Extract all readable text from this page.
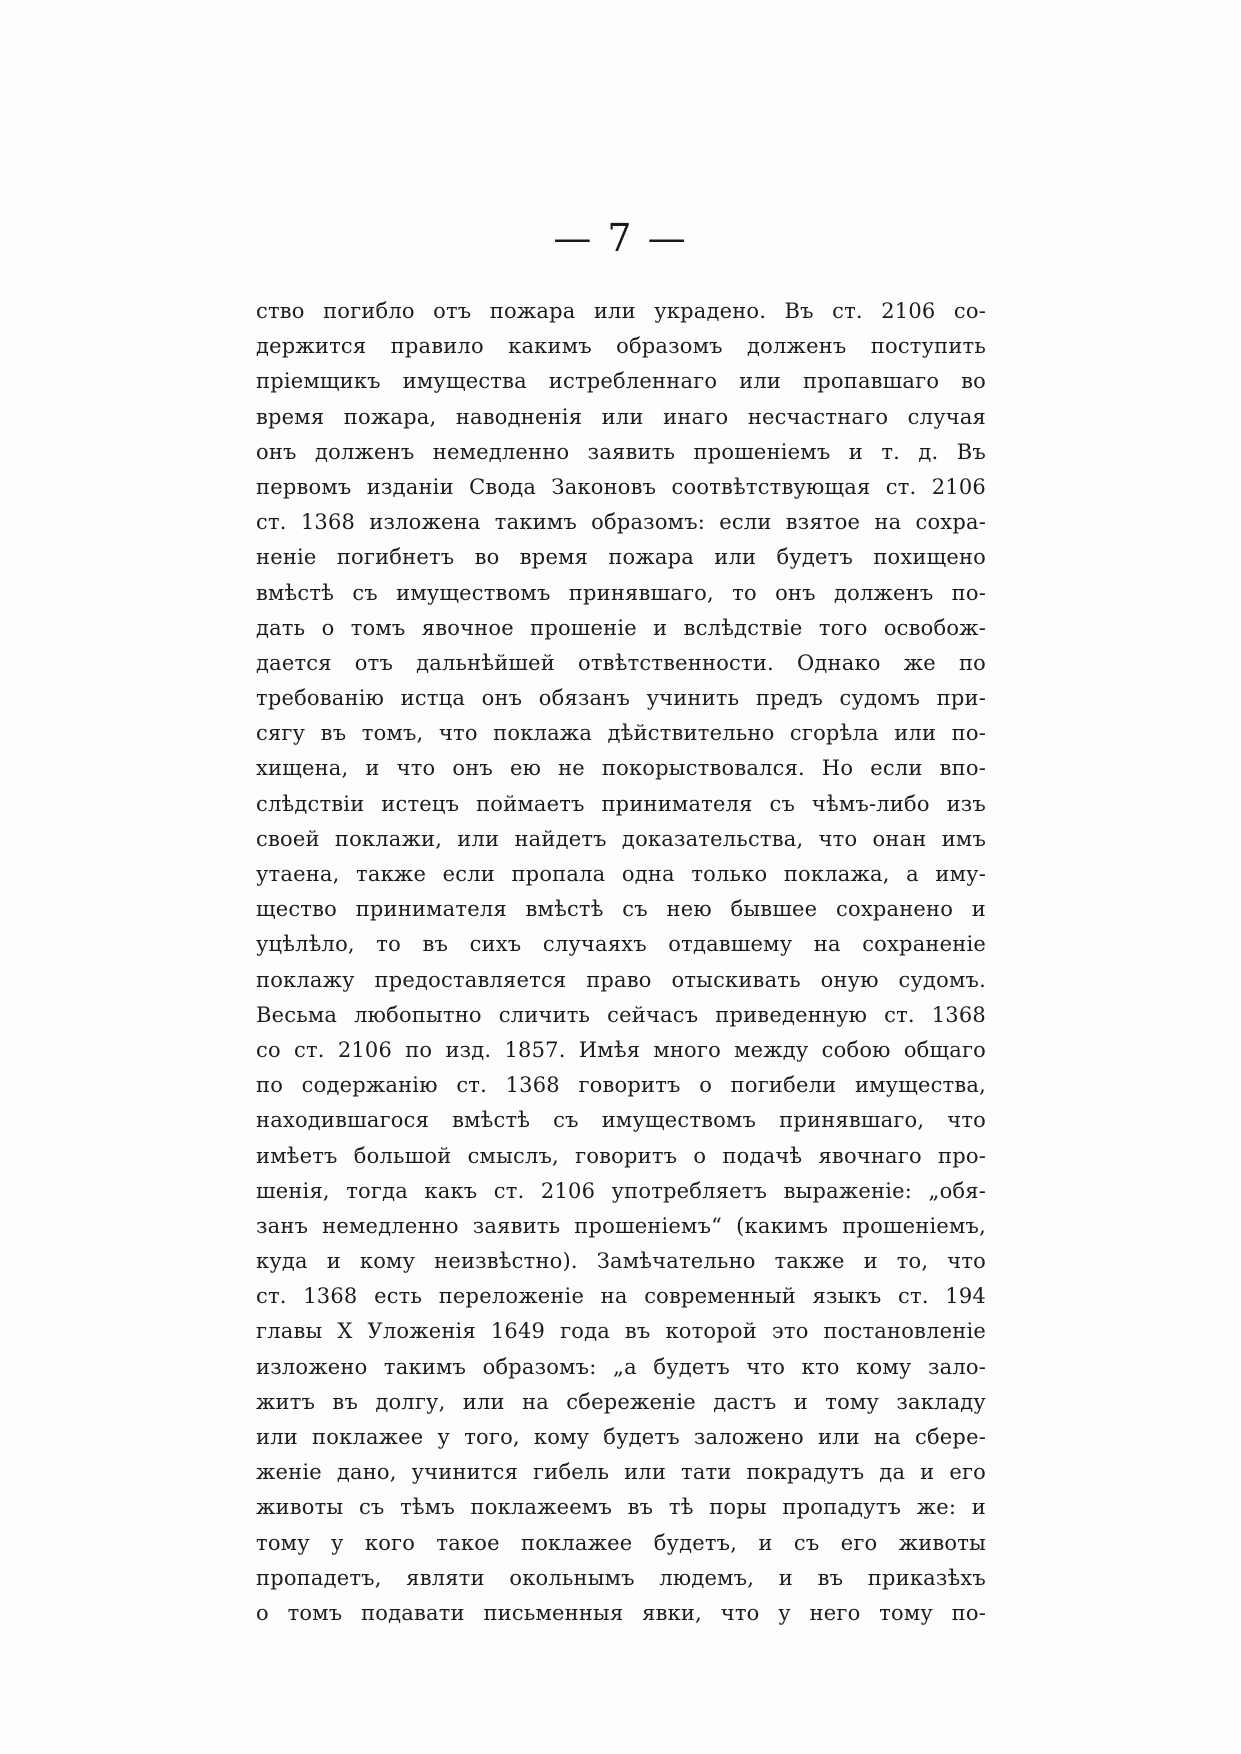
— 7 —
ство погибло отъ пожара или украдено. Въ ст. 2106 со-
держится правило какимъ образомъ долженъ поступить
пріемщикъ имущества истребленнаго или пропавшаго во
время пожара, наводненія или инаго несчастнаго случая
онъ долженъ немедленно заявить прошеніемъ и т. д. Въ
первомъ изданіи Свода Законовъ соотвѣтствующая ст. 2106
ст. 1368 изложена такимъ образомъ: если взятое на сохра-
неніе погибнетъ во время пожара или будетъ похищено
вмѣстѣ съ имуществомъ принявшаго, то онъ долженъ по-
дать о томъ явочное прошеніе и вслѣдствіе того освобож-
дается отъ дальнѣйшей отвѣтственности. Однако же по
требованію истца онъ обязанъ учинить предъ судомъ при-
сягу въ томъ, что поклажа дѣйствительно сгорѣла или по-
хищена, и что онъ ею не покорыствовался. Но если впо-
слѣдствіи истецъ поймаетъ принимателя съ чѣмъ-либо изъ
своей поклажи, или найдетъ доказательства, что онан имъ
утаена, также если пропала одна только поклажа, а иму-
щество принимателя вмѣстѣ съ нею бывшее сохранено и
уцѣлѣло, то въ сихъ случаяхъ отдавшему на сохраненіе
поклажу предоставляется право отыскивать оную судомъ.
Весьма любопытно сличить сейчасъ приведенную ст. 1368
со ст. 2106 по изд. 1857. Имѣя много между собою общаго
по содержанію ст. 1368 говоритъ о погибели имущества,
находившагося вмѣстѣ съ имуществомъ принявшаго, что
имѣетъ большой смыслъ, говоритъ о подачѣ явочнаго про-
шенія, тогда какъ ст. 2106 употребляетъ выраженіе: „обя-
занъ немедленно заявить прошеніемъ“ (какимъ прошеніемъ,
куда и кому неизвѣстно). Замѣчательно также и то, что
ст. 1368 есть переложеніе на современный языкъ ст. 194
главы X Уложенія 1649 года въ которой это постановленіе
изложено такимъ образомъ: „а будетъ что кто кому зало-
житъ въ долгу, или на сбереженіе дастъ и тому закладу
или поклажее у того, кому будетъ заложено или на сбере-
женіе дано, учинится гибель или тати покрадутъ да и его
животы съ тѣмъ поклажеемъ въ тѣ поры пропадутъ же: и
тому у кого такое поклажее будетъ, и съ его животы
пропадетъ, являти окольнымъ людемъ, и въ приказѣхъ
о томъ подавати письменныя явки, что у него тому по-
